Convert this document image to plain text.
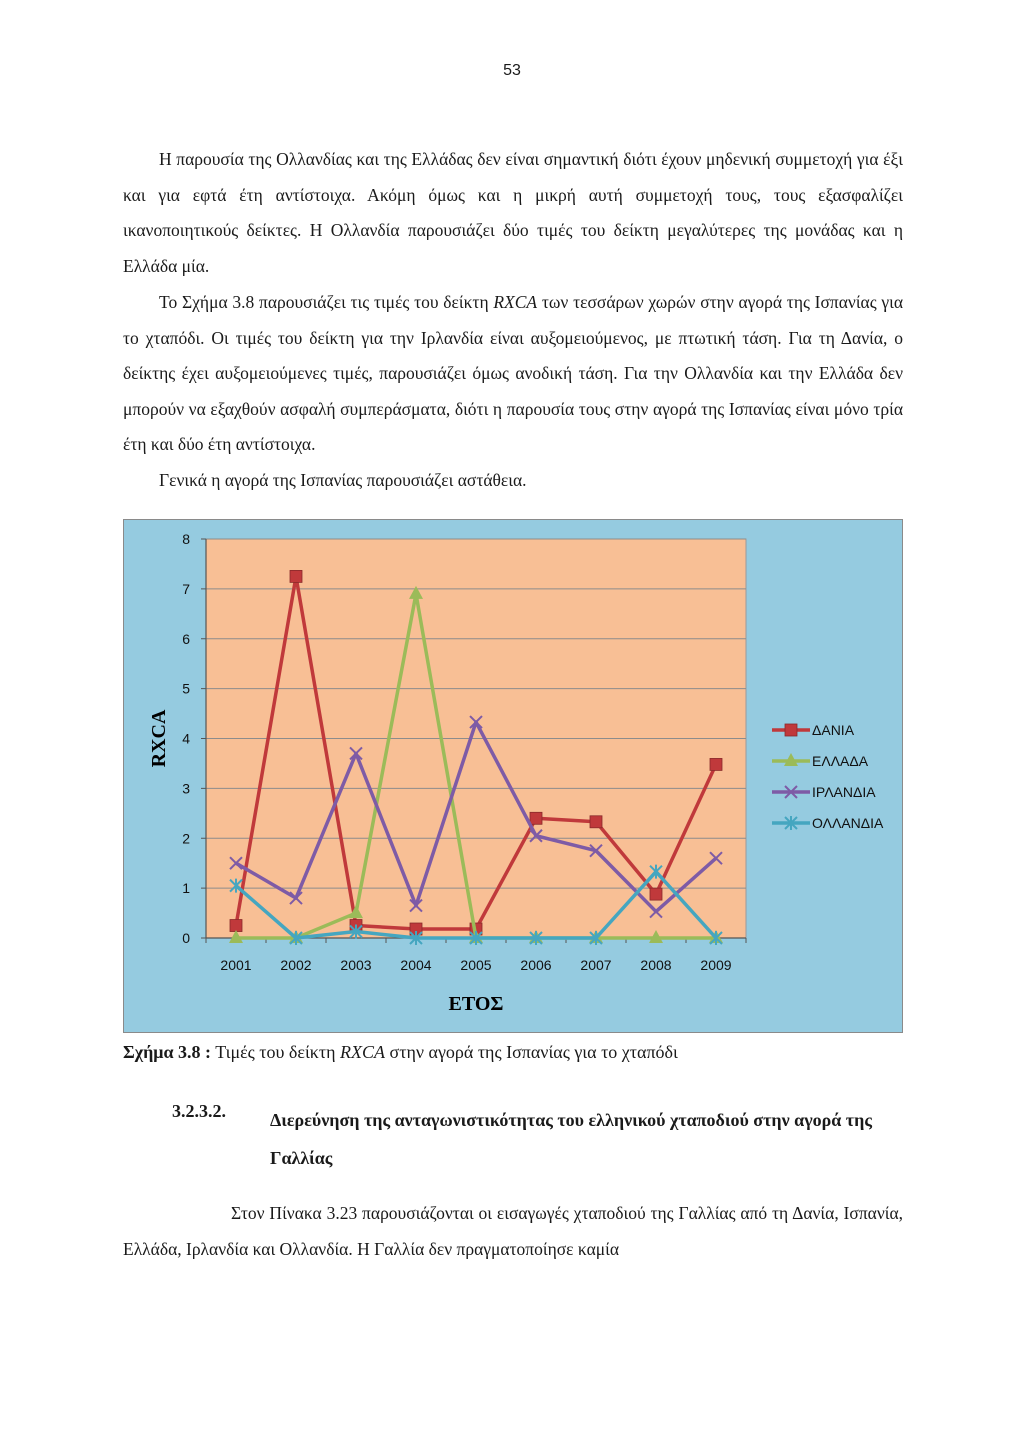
53

Η παρουσία της Ολλανδίας και της Ελλάδας δεν είναι σημαντική διότι έχουν μηδενική συμμετοχή για έξι και για εφτά έτη αντίστοιχα. Ακόμη όμως και η μικρή αυτή συμμετοχή τους, τους εξασφαλίζει ικανοποιητικούς δείκτες. Η Ολλανδία παρουσιάζει δύο τιμές του δείκτη μεγαλύτερες της μονάδας και η Ελλάδα μία.

Το Σχήμα 3.8 παρουσιάζει τις τιμές του δείκτη RXCA των τεσσάρων χωρών στην αγορά της Ισπανίας για το χταπόδι. Οι τιμές του δείκτη για την Ιρλανδία είναι αυξομειούμενος, με πτωτική τάση. Για τη Δανία, ο δείκτης έχει αυξομειούμενες τιμές, παρουσιάζει όμως ανοδική τάση. Για την Ολλανδία και την Ελλάδα δεν μπορούν να εξαχθούν ασφαλή συμπεράσματα, διότι η παρουσία τους στην αγορά της Ισπανίας είναι μόνο τρία έτη και δύο έτη αντίστοιχα.

Γενικά η αγορά της Ισπανίας παρουσιάζει αστάθεια.

0
1
2
3
4
5
6
7
8
2001 2002 2003 2004 2005 2006 2007 2008 2009
ΔΑΝΙΑ
ΕΛΛΑΔΑ
ΙΡΛΑΝΔΙΑ
ΟΛΛΑΝΔΙΑ
RXCA
ΕΤΟΣ

Σχήμα 3.8 : Τιμές του δείκτη RXCA στην αγορά της Ισπανίας για το χταπόδι

3.2.3.2. Διερεύνηση της ανταγωνιστικότητας του ελληνικού χταποδιού στην αγορά της Γαλλίας

Στον Πίνακα 3.23 παρουσιάζονται οι εισαγωγές χταποδιού της Γαλλίας από τη Δανία, Ισπανία, Ελλάδα, Ιρλανδία και Ολλανδία. Η Γαλλία δεν πραγματοποίησε καμία
